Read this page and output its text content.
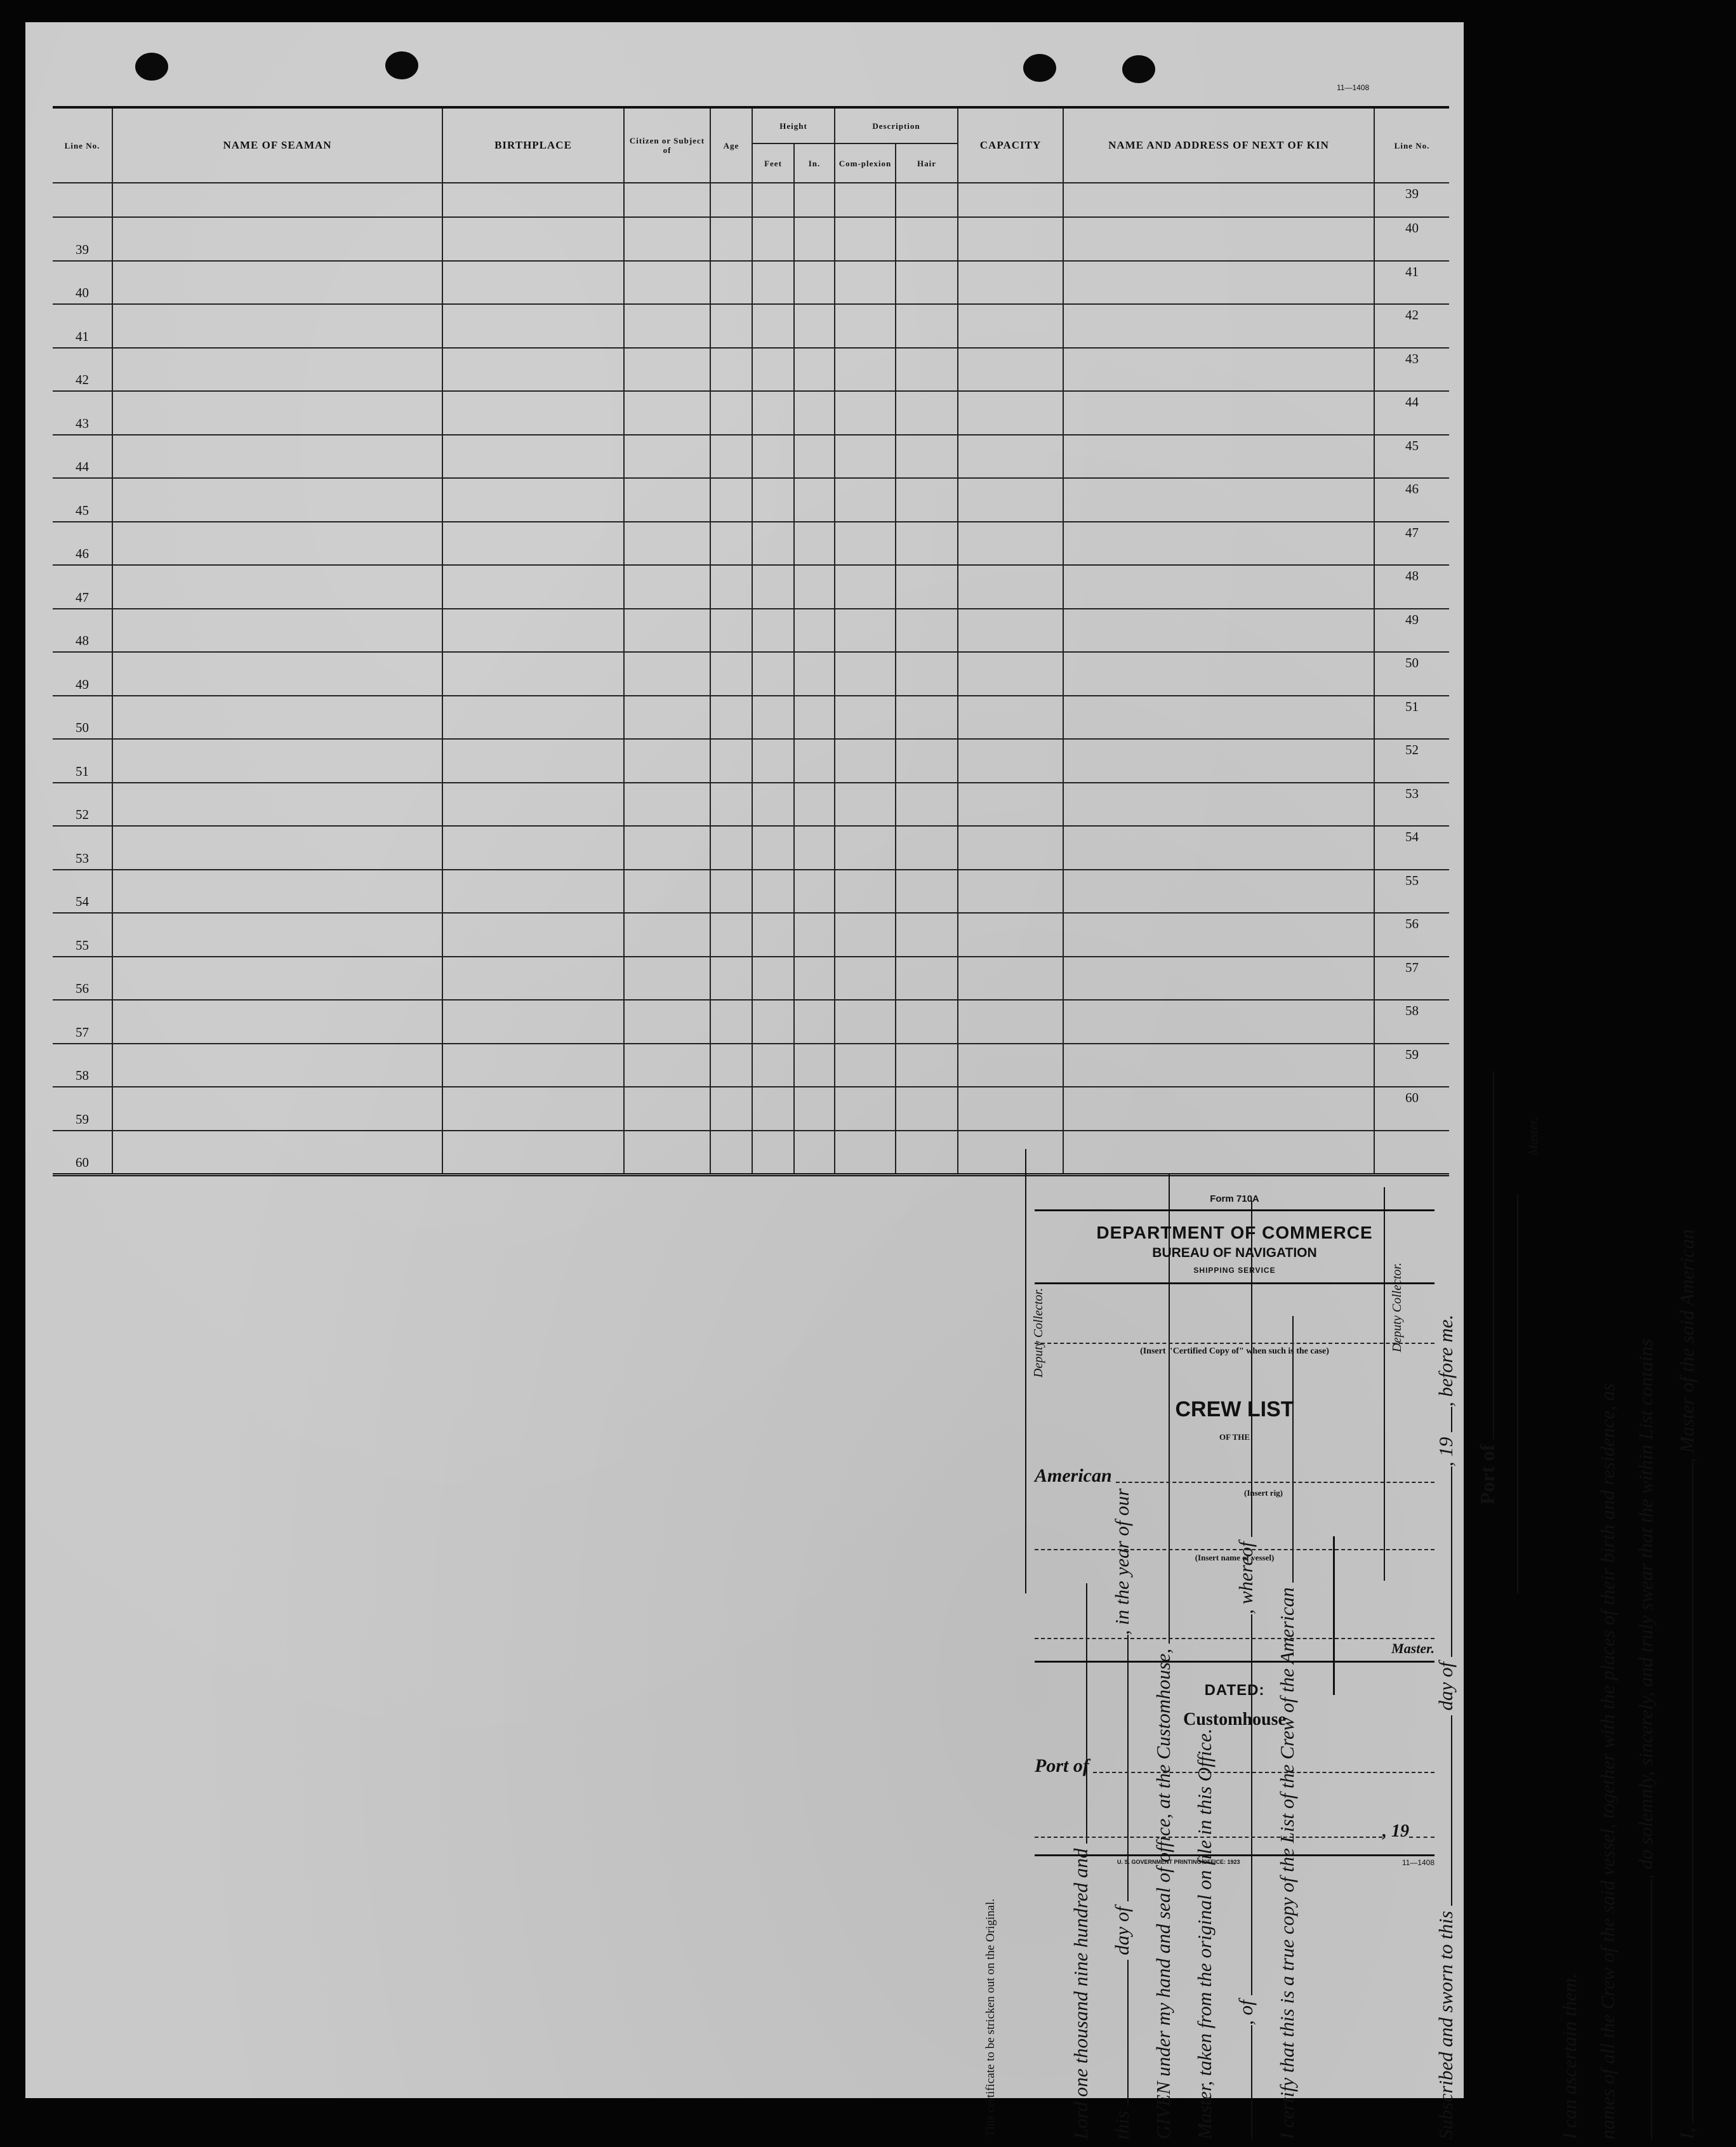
11—1408
Line No.	NAME OF SEAMAN	BIRTHPLACE	Citizen or Subject of	Age	Height		Description		CAPACITY	NAME AND ADDRESS OF NEXT OF KIN	Line No.
					Feet	In.	Com-plexion	Hair			
											39
39											40
40											41
41											42
42											43
43											44
44											45
45											46
46											47
47											48
48											49
49											50
50											51
51											52
52											53
53											54
54											55
55											56
56											57
57											58
58											59
59											60
60											
I, , Master of the said American
, do solemnly, sincerely, and truly swear that the within List contains
names of all the Crew of the said vessel, together with the places of their birth and residence, as
I can ascertain them.
Master.
Port of
Subscribed and sworn to this  day of , 19 , before me.
Deputy Collector.
I certify that this is a true copy of the List of the Crew of the American
, of , whereof
Master, taken from the original on file in this Office.
GIVEN under my hand and seal of office, at the Customhouse,
this  day of , in the year of our
Lord one thousand nine hundred and
Deputy Collector.
This certificate to be stricken out on the Original.
Form 710A
DEPARTMENT OF COMMERCE
BUREAU OF NAVIGATION
SHIPPING SERVICE
(Insert "Certified Copy of" when such is the case)
CREW LIST
OF THE
American
(Insert rig)
(Insert name of vessel)
Master.
DATED:
Customhouse
Port of
, 19
U. S. GOVERNMENT PRINTING OFFICE: 1923	11—1408
